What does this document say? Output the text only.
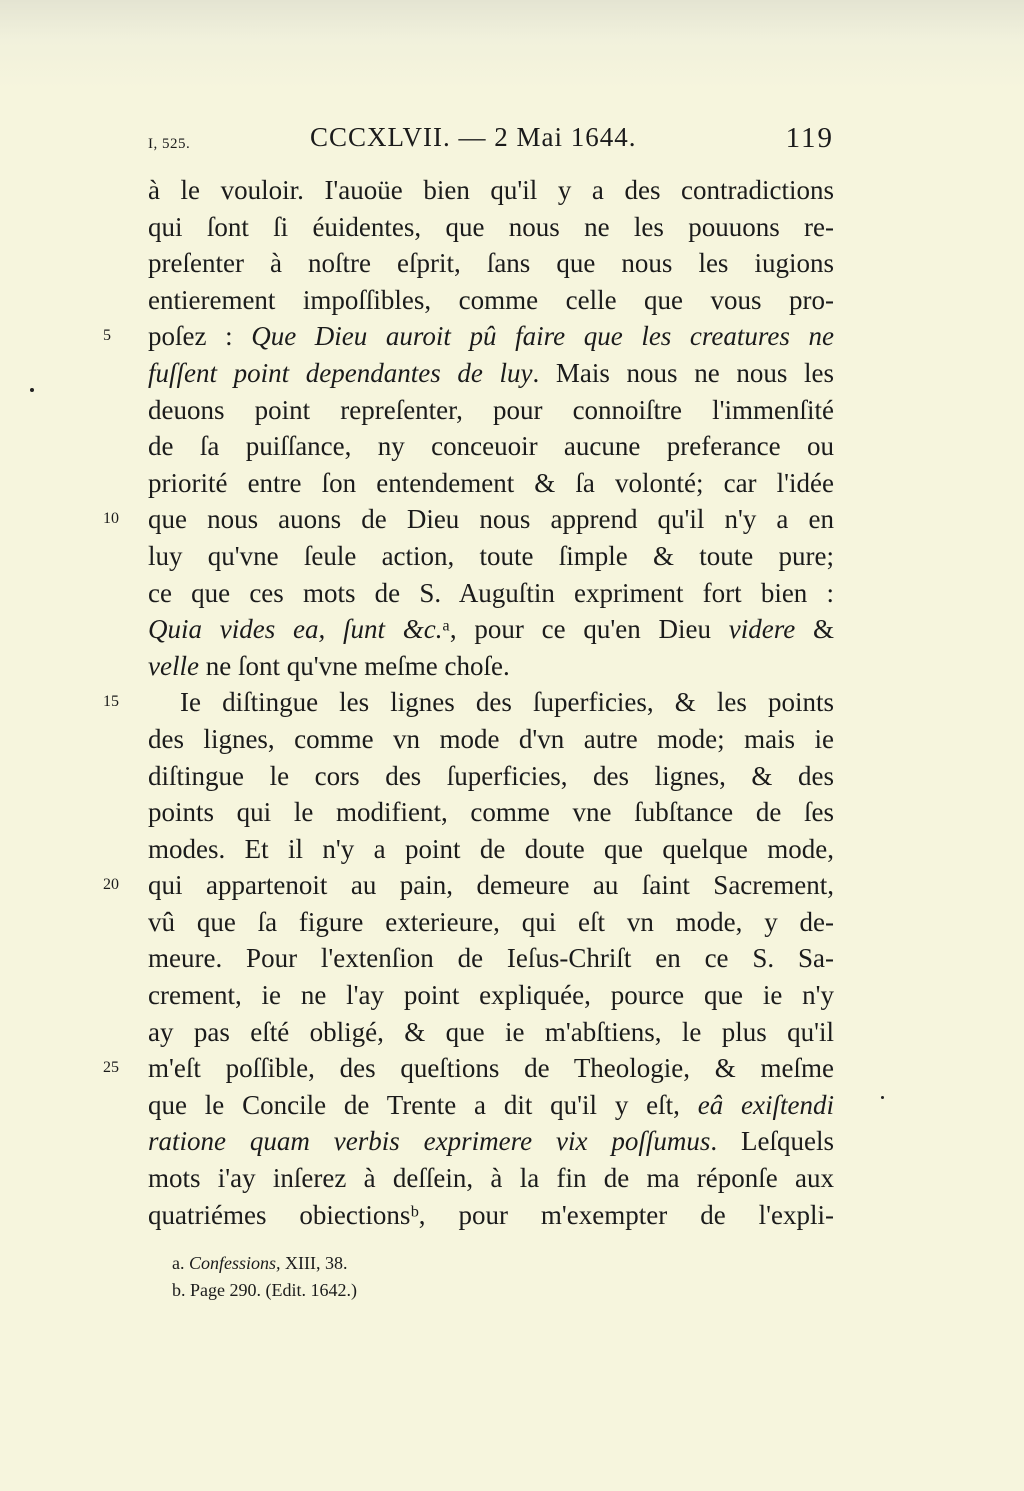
I, 525.	CCCXLVII. — 2 Mai 1644.	119
à le vouloir. I'auoüe bien qu'il y a des contradictions
qui ſont ſi éuidentes, que nous ne les pouuons re-
preſenter à noſtre eſprit, ſans que nous les iugions
entierement impoſſibles, comme celle que vous pro-
5	poſez : Que Dieu auroit pû faire que les creatures ne
fuſſent point dependantes de luy. Mais nous ne nous les
deuons point repreſenter, pour connoiſtre l'immenſité
de ſa puiſſance, ny conceuoir aucune preferance ou
priorité entre ſon entendement & ſa volonté; car l'idée
10	que nous auons de Dieu nous apprend qu'il n'y a en
luy qu'vne ſeule action, toute ſimple & toute pure;
ce que ces mots de S. Auguſtin expriment fort bien :
Quia vides ea, ſunt &c.ᵃ, pour ce qu'en Dieu videre &
velle ne ſont qu'vne meſme choſe.
15	Ie diſtingue les lignes des ſuperficies, & les points
des lignes, comme vn mode d'vn autre mode; mais ie
diſtingue le cors des ſuperficies, des lignes, & des
points qui le modifient, comme vne ſubſtance de ſes
modes. Et il n'y a point de doute que quelque mode,
20	qui appartenoit au pain, demeure au ſaint Sacrement,
vû que ſa figure exterieure, qui eſt vn mode, y de-
meure. Pour l'extenſion de Ieſus-Chriſt en ce S. Sa-
crement, ie ne l'ay point expliquée, pource que ie n'y
ay pas eſté obligé, & que ie m'abſtiens, le plus qu'il
25	m'eſt poſſible, des queſtions de Theologie, & meſme
que le Concile de Trente a dit qu'il y eſt, eâ exiſtendi
ratione quam verbis exprimere vix poſſumus. Leſquels
mots i'ay inſerez à deſſein, à la fin de ma réponſe aux
quatriémes obiectionsᵇ, pour m'exempter de l'expli-
a. Confessions, XIII, 38.
b. Page 290. (Edit. 1642.)
